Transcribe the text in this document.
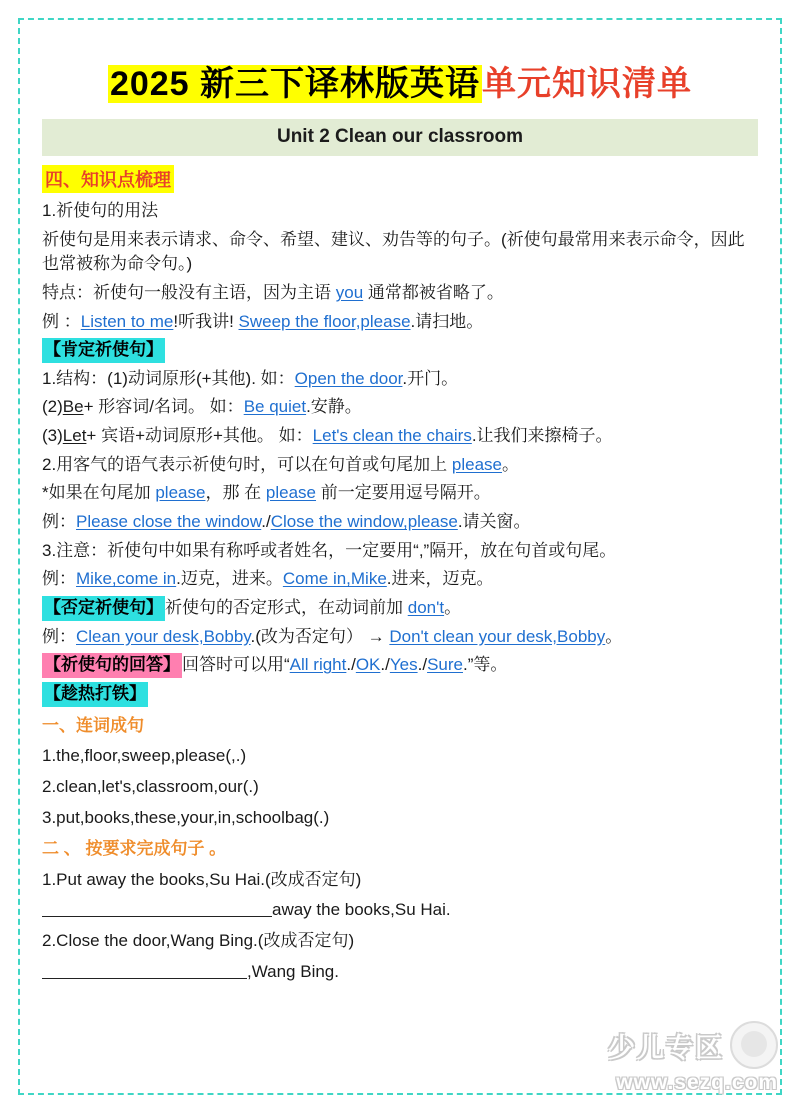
2025 新三下译林版英语单元知识清单
Unit 2 Clean our classroom
四、知识点梳理

1.祈使句的用法

祈使句是用来表示请求、命令、希望、建议、劝告等的句子。(祈使句最常用来表示命令，因此也常被称为命令句。)

特点：祈使句一般没有主语，因为主语 you 通常都被省略了。

例 ：Listen to me!听我讲! Sweep the floor,please.请扫地。

【肯定祈使句】

1.结构：(1)动词原形(+其他). 如：Open the door.开门。

(2)Be+ 形容词/名词。 如：Be quiet.安静。

(3)Let+ 宾语+动词原形+其他。 如：Let's clean the chairs.让我们来擦椅子。

2.用客气的语气表示祈使句时，可以在句首或句尾加上 please。

*如果在句尾加 please，那 在 please 前一定要用逗号隔开。

例：Please close the window./Close the window,please.请关窗。

3.注意：祈使句中如果有称呼或者姓名，一定要用“,”隔开，放在句首或句尾。

例：Mike,come in.迈克，进来。Come in,Mike.进来，迈克。

【否定祈使句】 祈使句的否定形式，在动词前加 don't。

例：Clean your desk,Bobby.(改为否定句） → Don't clean your desk,Bobby。

【祈使句的回答】 回答时可以用“All right./OK./Yes./Sure.”等。

【趁热打铁】

一、连词成句

1.the,floor,sweep,please(,.)

2.clean,let's,classroom,our(.)

3.put,books,these,your,in,schoolbag(.)

二 、 按要求完成句子 。

1.Put away the books,Su Hai.(改成否定句)

away the books,Su Hai.

2.Close the door,Wang Bing.(改成否定句)

,Wang Bing.

少儿专区
www.sezq.com
